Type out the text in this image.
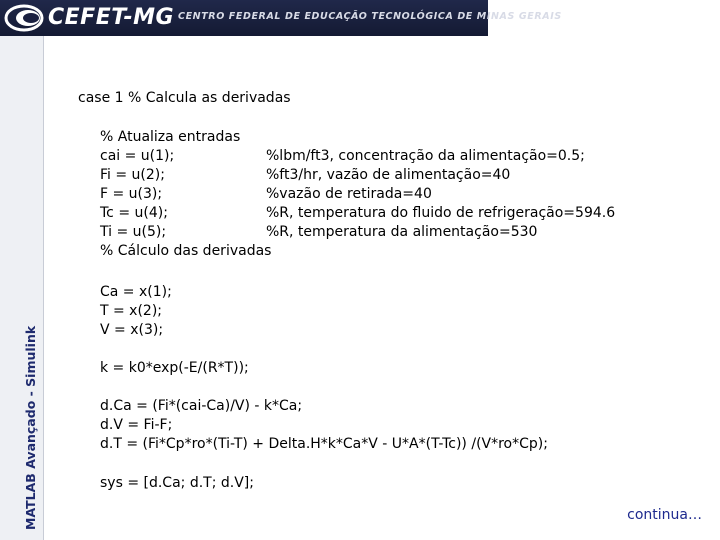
CEFET-MG CENTRO FEDERAL DE EDUCAÇÃO TECNOLÓGICA DE MINAS GERAIS
MATLAB Avançado - Simulink
case 1 % Calcula as derivadas
% Atualiza entradas
cai = u(1);	%lbm/ft3, concentração da alimentação=0.5;
Fi = u(2);	%ft3/hr, vazão de alimentação=40
F = u(3);	%vazão de retirada=40
Tc = u(4);	%R, temperatura do fluido de refrigeração=594.6
Ti = u(5);	%R, temperatura da alimentação=530
% Cálculo das derivadas
Ca = x(1);
T = x(2);
V = x(3);
k = k0*exp(-E/(R*T));
d.Ca = (Fi*(cai-Ca)/V) - k*Ca;
d.V = Fi-F;
d.T = (Fi*Cp*ro*(Ti-T) + Delta.H*k*Ca*V - U*A*(T-Tc)) /(V*ro*Cp);
sys = [d.Ca; d.T; d.V];
continua…
